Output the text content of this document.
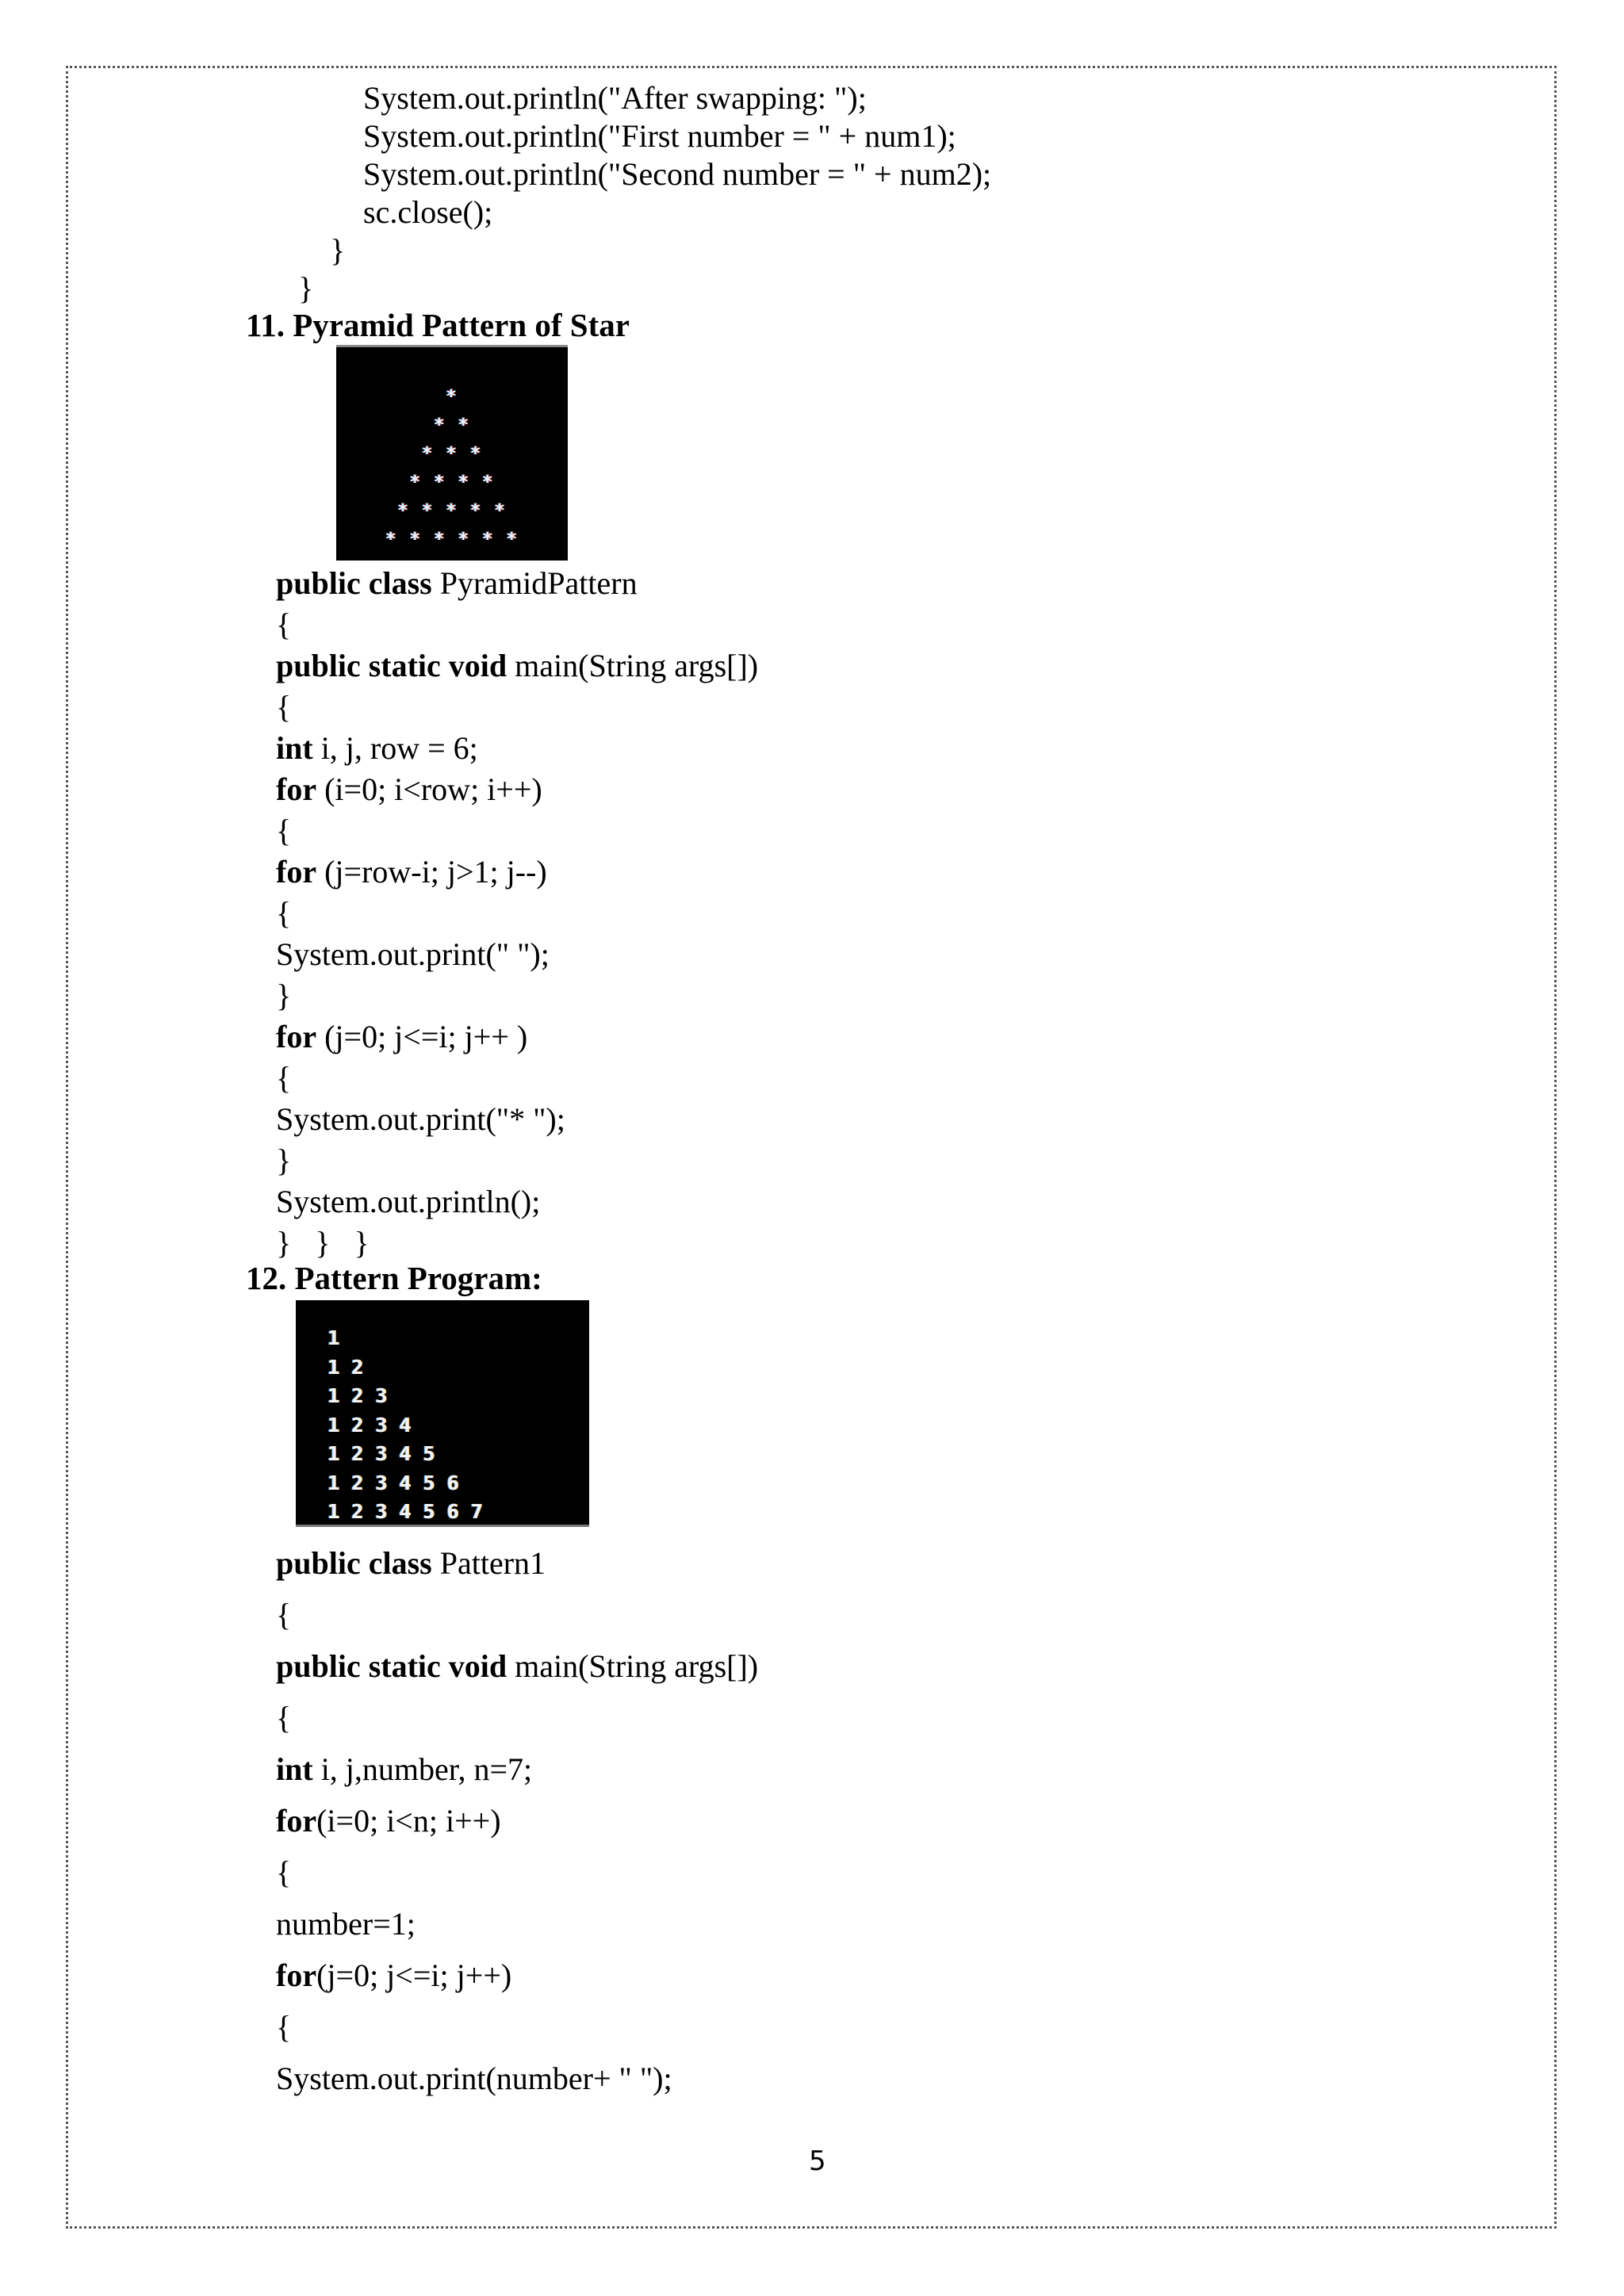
System.out.println("After swapping: ");
System.out.println("First number = " + num1);
System.out.println("Second number = " + num2);
sc.close();
}
}
11. Pyramid Pattern of Star
*
* *
* * *
* * * *
* * * * *
* * * * * *
public class PyramidPattern
{
public static void main(String args[])
{
int i, j, row = 6;
for (i=0; i<row; i++)
{
for (j=row-i; j>1; j--)
{
System.out.print(" ");
}
for (j=0; j<=i; j++ )
{
System.out.print("* ");
}
System.out.println();
}   }   }
12. Pattern Program:
1
1 2
1 2 3
1 2 3 4
1 2 3 4 5
1 2 3 4 5 6
1 2 3 4 5 6 7
public class Pattern1
{
public static void main(String args[])
{
int i, j,number, n=7;
for(i=0; i<n; i++)
{
number=1;
for(j=0; j<=i; j++)
{
System.out.print(number+ " ");
5
